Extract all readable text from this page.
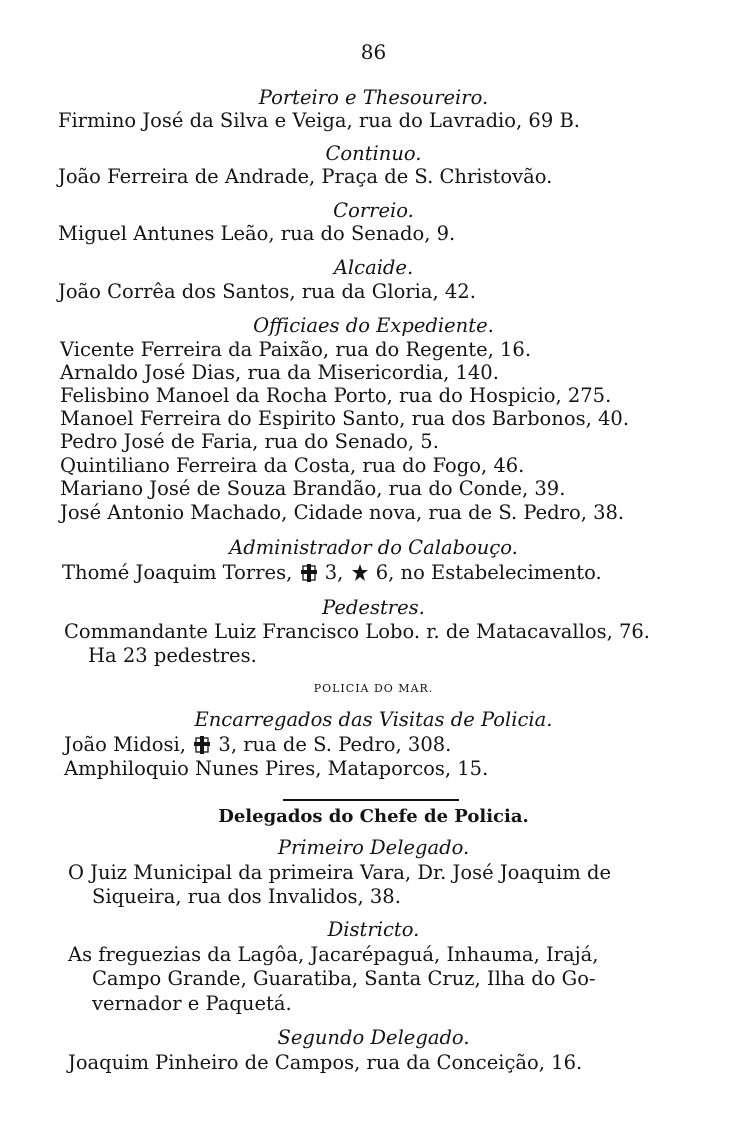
86
Porteiro e Thesoureiro.
Firmino José da Silva e Veiga, rua do Lavradio, 69 B.
Continuo.
João Ferreira de Andrade, Praça de S. Christovão.
Correio.
Miguel Antunes Leão, rua do Senado, 9.
Alcaide.
João Corrêa dos Santos, rua da Gloria, 42.
Officiaes do Expediente.
Vicente Ferreira da Paixão, rua do Regente, 16.
Arnaldo José Dias, rua da Misericordia, 140.
Felisbino Manoel da Rocha Porto, rua do Hospicio, 275.
Manoel Ferreira do Espirito Santo, rua dos Barbonos, 40.
Pedro José de Faria, rua do Senado, 5.
Quintiliano Ferreira da Costa, rua do Fogo, 46.
Mariano José de Souza Brandão, rua do Conde, 39.
José Antonio Machado, Cidade nova, rua de S. Pedro, 38.
Administrador do Calabouço.
Thomé Joaquim Torres, 3, 6, no Estabelecimento.
Pedestres.
Commandante Luiz Francisco Lobo. r. de Matacavallos, 76.
Ha 23 pedestres.
POLICIA DO MAR.
Encarregados das Visitas de Policia.
João Midosi, 3, rua de S. Pedro, 308.
Amphiloquio Nunes Pires, Mataporcos, 15.
Delegados do Chefe de Policia.
Primeiro Delegado.
O Juiz Municipal da primeira Vara, Dr. José Joaquim de
Siqueira, rua dos Invalidos, 38.
Districto.
As freguezias da Lagôa, Jacarépaguá, Inhauma, Irajá,
Campo Grande, Guaratiba, Santa Cruz, Ilha do Go-
vernador e Paquetá.
Segundo Delegado.
Joaquim Pinheiro de Campos, rua da Conceição, 16.
